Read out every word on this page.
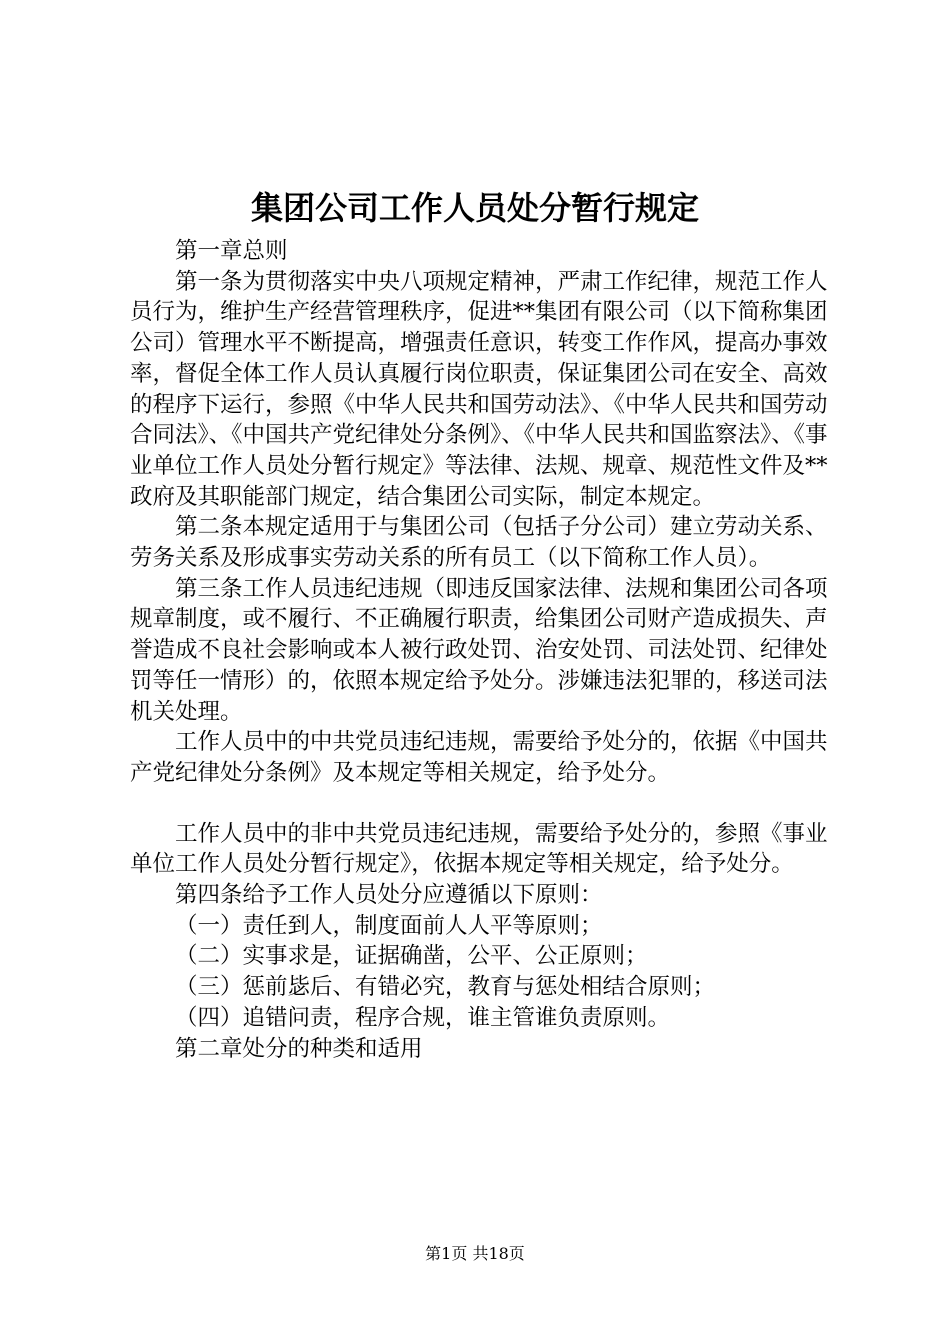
集团公司工作人员处分暂行规定

第一章总则

第一条为贯彻落实中央八项规定精神，严肃工作纪律，规范工作人员行为，维护生产经营管理秩序，促进**集团有限公司（以下简称集团公司）管理水平不断提高，增强责任意识，转变工作作风，提高办事效率，督促全体工作人员认真履行岗位职责，保证集团公司在安全、高效的程序下运行，参照《中华人民共和国劳动法》、《中华人民共和国劳动合同法》、《中国共产党纪律处分条例》、《中华人民共和国监察法》、《事业单位工作人员处分暂行规定》等法律、法规、规章、规范性文件及**政府及其职能部门规定，结合集团公司实际，制定本规定。

第二条本规定适用于与集团公司（包括子分公司）建立劳动关系、劳务关系及形成事实劳动关系的所有员工（以下简称工作人员）。

第三条工作人员违纪违规（即违反国家法律、法规和集团公司各项规章制度，或不履行、不正确履行职责，给集团公司财产造成损失、声誉造成不良社会影响或本人被行政处罚、治安处罚、司法处罚、纪律处罚等任一情形）的，依照本规定给予处分。涉嫌违法犯罪的，移送司法机关处理。

工作人员中的中共党员违纪违规，需要给予处分的，依据《中国共产党纪律处分条例》及本规定等相关规定，给予处分。

工作人员中的非中共党员违纪违规，需要给予处分的，参照《事业单位工作人员处分暂行规定》，依据本规定等相关规定，给予处分。

第四条给予工作人员处分应遵循以下原则：

（一）责任到人，制度面前人人平等原则；

（二）实事求是，证据确凿，公平、公正原则；

（三）惩前毖后、有错必究，教育与惩处相结合原则；

（四）追错问责，程序合规，谁主管谁负责原则。

第二章处分的种类和适用

第1页 共18页
